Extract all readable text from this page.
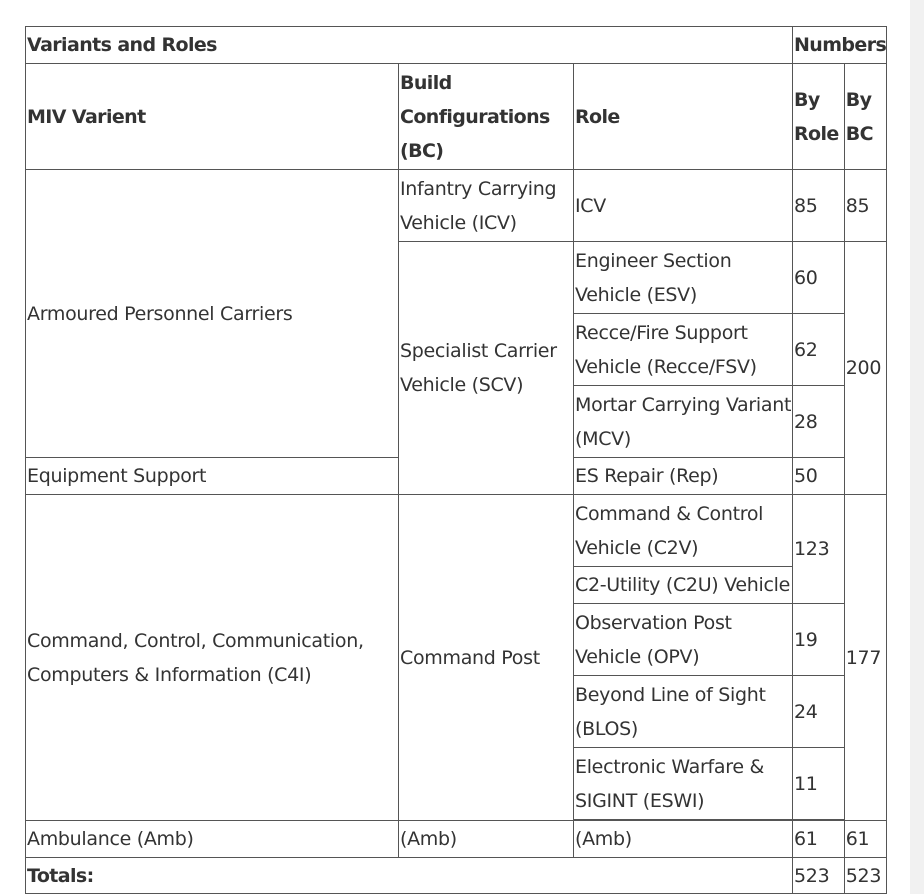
Variants and Roles			Numbers	
MIV Varient	Build Configurations (BC)	Role	By Role	By BC
Armoured Personnel Carriers	Infantry Carrying Vehicle (ICV)	ICV	85	85
	Specialist Carrier Vehicle (SCV)	Engineer Section Vehicle (ESV)	60	200
		Recce/Fire Support Vehicle (Recce/FSV)	62	
		Mortar Carrying Variant (MCV)	28	
Equipment Support		ES Repair (Rep)	50	
Command, Control, Communication, Computers & Information (C4I)	Command Post	Command & Control Vehicle (C2V)	123	177
		C2-Utility (C2U) Vehicle		
		Observation Post Vehicle (OPV)	19	
		Beyond Line of Sight (BLOS)	24	
		Electronic Warfare & SIGINT (ESWI)	11	

Ambulance (Amb)	(Amb)	(Amb)	61	61
Totals:			523	523
